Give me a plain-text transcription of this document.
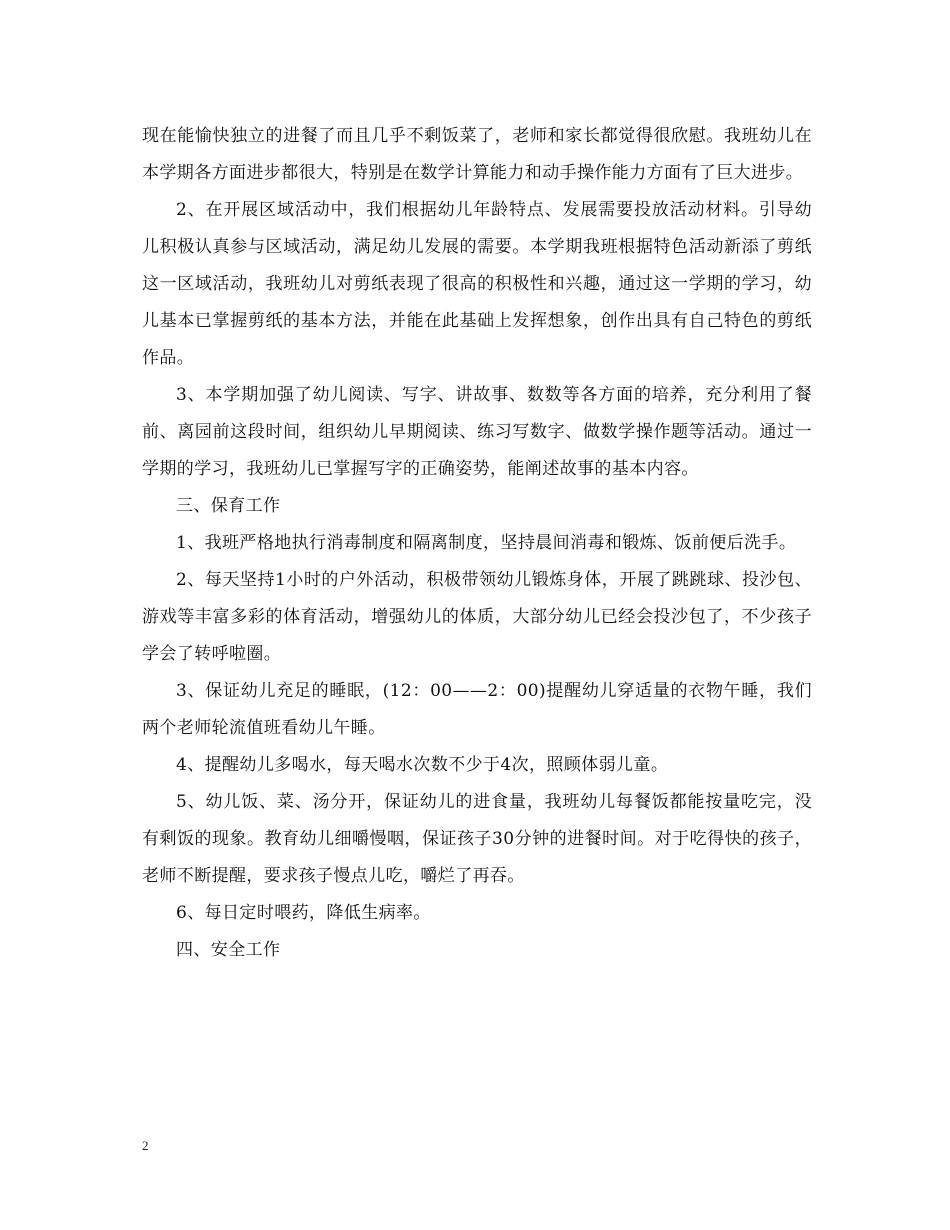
现在能愉快独立的进餐了而且几乎不剩饭菜了，老师和家长都觉得很欣慰。我班幼儿在本学期各方面进步都很大，特别是在数学计算能力和动手操作能力方面有了巨大进步。

2、在开展区域活动中，我们根据幼儿年龄特点、发展需要投放活动材料。引导幼儿积极认真参与区域活动，满足幼儿发展的需要。本学期我班根据特色活动新添了剪纸这一区域活动，我班幼儿对剪纸表现了很高的积极性和兴趣，通过这一学期的学习，幼儿基本已掌握剪纸的基本方法，并能在此基础上发挥想象，创作出具有自己特色的剪纸作品。

3、本学期加强了幼儿阅读、写字、讲故事、数数等各方面的培养，充分利用了餐前、离园前这段时间，组织幼儿早期阅读、练习写数字、做数学操作题等活动。通过一学期的学习，我班幼儿已掌握写字的正确姿势，能阐述故事的基本内容。

三、保育工作

1、我班严格地执行消毒制度和隔离制度，坚持晨间消毒和锻炼、饭前便后洗手。

2、每天坚持1小时的户外活动，积极带领幼儿锻炼身体，开展了跳跳球、投沙包、游戏等丰富多彩的体育活动，增强幼儿的体质，大部分幼儿已经会投沙包了，不少孩子学会了转呼啦圈。

3、保证幼儿充足的睡眠，(12：00——2：00)提醒幼儿穿适量的衣物午睡，我们两个老师轮流值班看幼儿午睡。

4、提醒幼儿多喝水，每天喝水次数不少于4次，照顾体弱儿童。

5、幼儿饭、菜、汤分开，保证幼儿的进食量，我班幼儿每餐饭都能按量吃完，没有剩饭的现象。教育幼儿细嚼慢咽，保证孩子30分钟的进餐时间。对于吃得快的孩子，老师不断提醒，要求孩子慢点儿吃，嚼烂了再吞。

6、每日定时喂药，降低生病率。

四、安全工作

2
